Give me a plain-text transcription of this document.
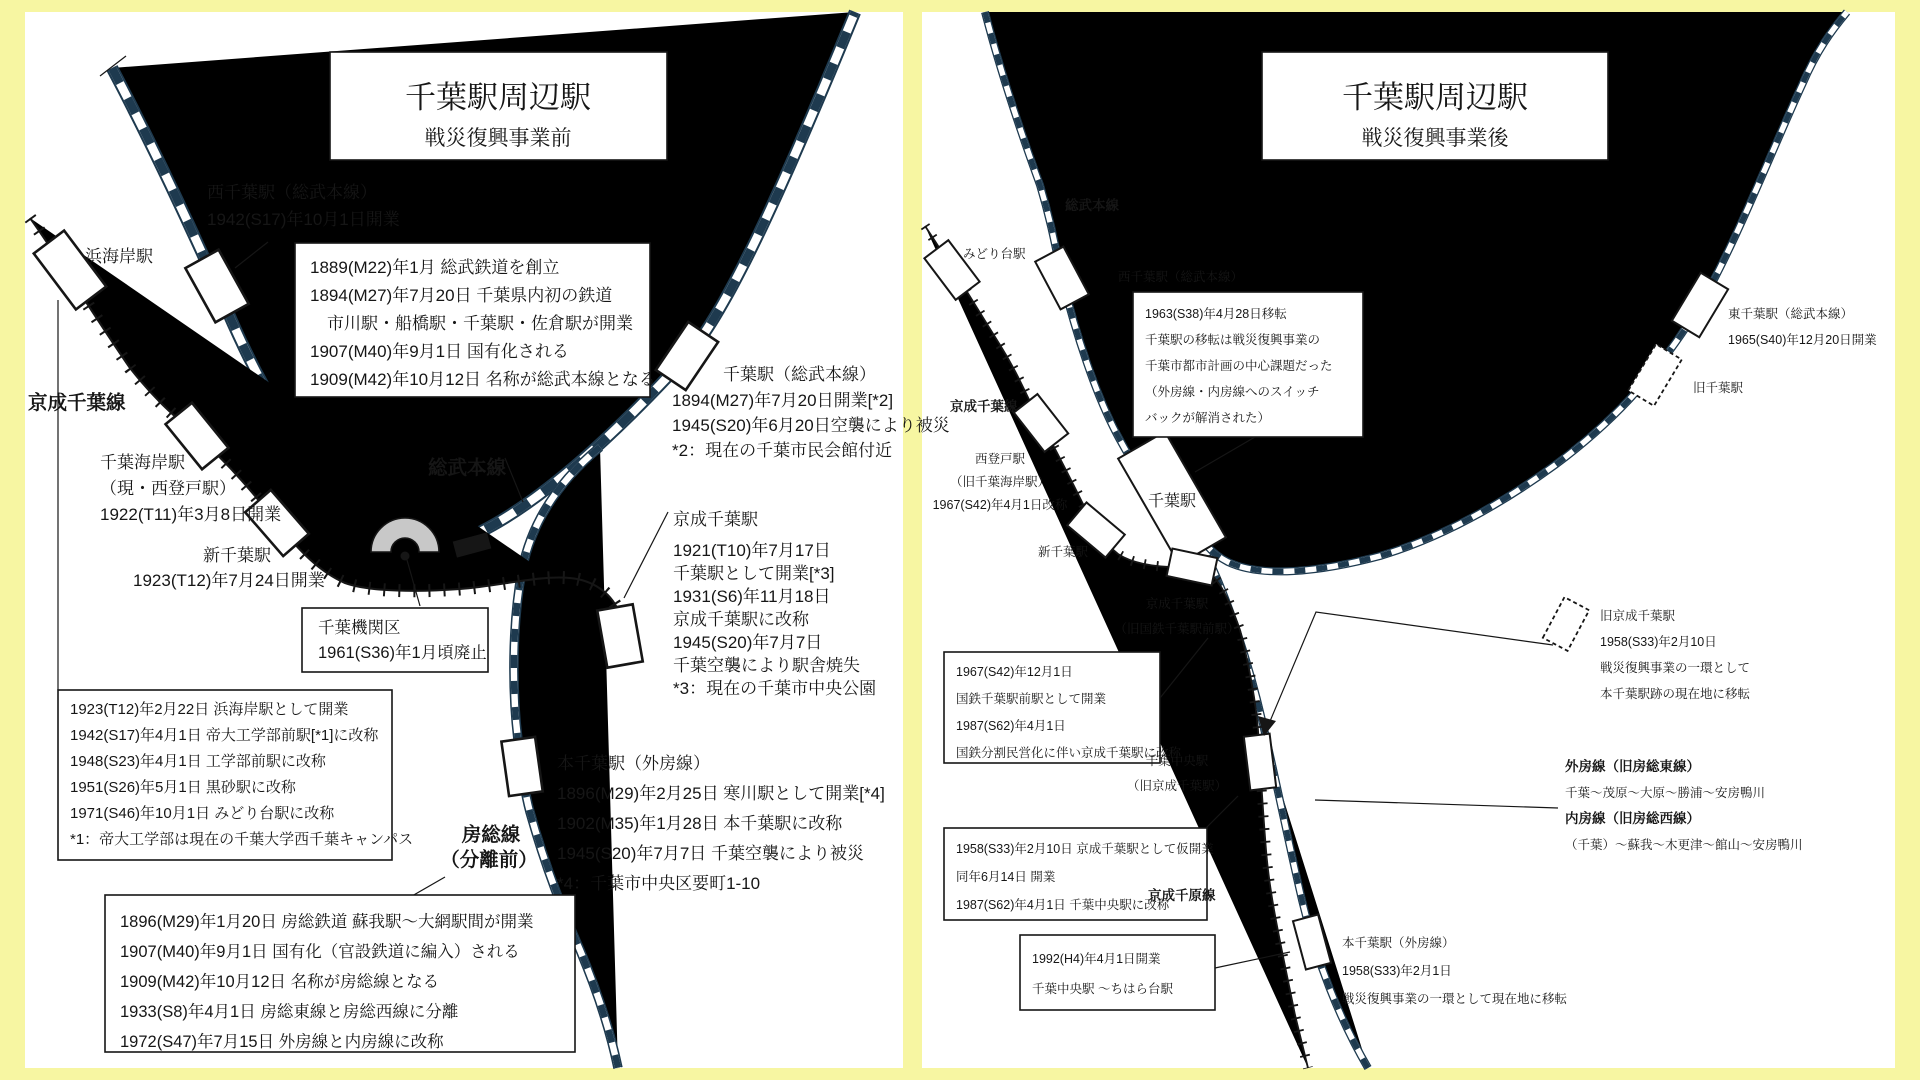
千葉駅周辺駅
戦災復興事業前
1889(M22)年1月 総武鉄道を創立 1894(M27)年7月20日 千葉県内初の鉄道　市川駅・船橋駅・千葉駅・佐倉駅が開業 1907(M40)年9月1日 国有化される 1909(M42)年10月12日 名称が総武本線となる
千葉機関区 1961(S36)年1月頃廃止
1923(T12)年2月22日 浜海岸駅として開業 1942(S17)年4月1日 帝大工学部前駅[*1]に改称 1948(S23)年4月1日 工学部前駅に改称 1951(S26)年5月1日 黒砂駅に改称 1971(S46)年10月1日 みどり台駅に改称*1：帝大工学部は現在の千葉大学西千葉キャンパス
1896(M29)年1月20日 房総鉄道 蘇我駅〜大網駅間が開業 1907(M40)年9月1日 国有化（官設鉄道に編入）される 1909(M42)年10月12日 名称が房総線となる 1933(S8)年4月1日 房総東線と房総西線に分離 1972(S47)年7月15日 外房線と内房線に改称
浜海岸駅
西千葉駅（総武本線） 1942(S17)年10月1日開業
京成千葉線
千葉海岸駅（現・西登戸駅） 1922(T11)年3月8日開業
新千葉駅
1923(T12)年7月24日開業
総武本線
千葉駅（総武本線）
1894(M27)年7月20日開業[*2] 1945(S20)年6月20日空襲により被災*2：現在の千葉市民会館付近
京成千葉駅
1921(T10)年7月17日千葉駅として開業[*3] 1931(S6)年11月18日京成千葉駅に改称 1945(S20)年7月7日千葉空襲により駅舎焼失*3：現在の千葉市中央公園
本千葉駅（外房線）
1896(M29)年2月25日 寒川駅として開業[*4] 1902(M35)年1月28日 本千葉駅に改称 1945(S20)年7月7日 千葉空襲により被災*4：千葉市中央区要町1-10
房総線
（分離前）
千葉駅周辺駅
戦災復興事業後
1963(S38)年4月28日移転千葉駅の移転は戦災復興事業の千葉市都市計画の中心課題だった（外房線・内房線へのスイッチバックが解消された）
1967(S42)年12月1日国鉄千葉駅前駅として開業 1987(S62)年4月1日国鉄分割民営化に伴い京成千葉駅に改称
1958(S33)年2月10日 京成千葉駅として仮開業同年6月14日 開業 1987(S62)年4月1日 千葉中央駅に改称
1992(H4)年4月1日開業千葉中央駅 〜ちはら台駅
総武本線
みどり台駅
西千葉駅（総武本線）
京成千葉線
西登戸駅（旧千葉海岸駅） 1967(S42)年4月1日改称
新千葉駅
千葉駅
京成千葉駅（旧国鉄千葉駅前駅）
東千葉駅（総武本線） 1965(S40)年12月20日開業
旧千葉駅
旧京成千葉駅 1958(S33)年2月10日戦災復興事業の一環として本千葉駅跡の現在地に移転
千葉中央駅（旧京成千葉駅）
外房線（旧房総東線）
千葉〜茂原〜大原〜勝浦〜安房鴨川
内房線（旧房総西線）
（千葉）〜蘇我〜木更津〜館山〜安房鴨川
京成千原線
本千葉駅（外房線） 1958(S33)年2月1日戦災復興事業の一環として現在地に移転
